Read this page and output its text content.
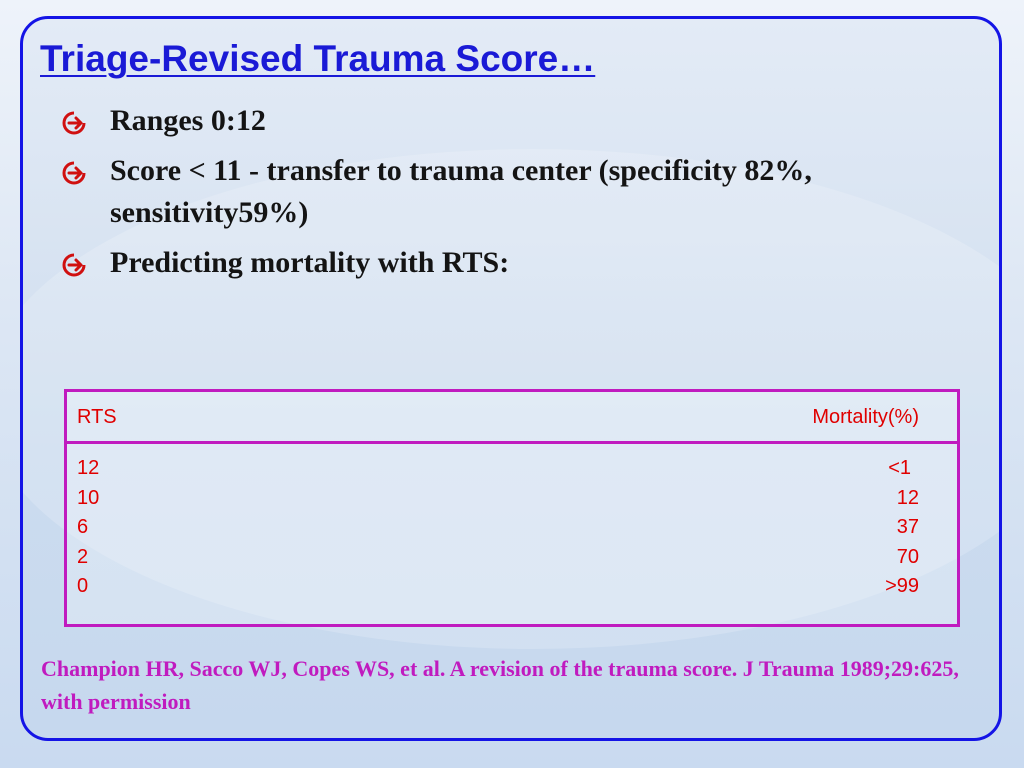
Triage-Revised Trauma Score…
Ranges 0:12
Score < 11 - transfer to trauma center (specificity 82%, sensitivity59%)
Predicting mortality with RTS:
RTS	Mortality(%)
12	<1
10	12
6	37
2	70
0	>99
Champion HR, Sacco WJ, Copes WS, et al. A revision of the trauma score. J Trauma 1989;29:625, with permission
